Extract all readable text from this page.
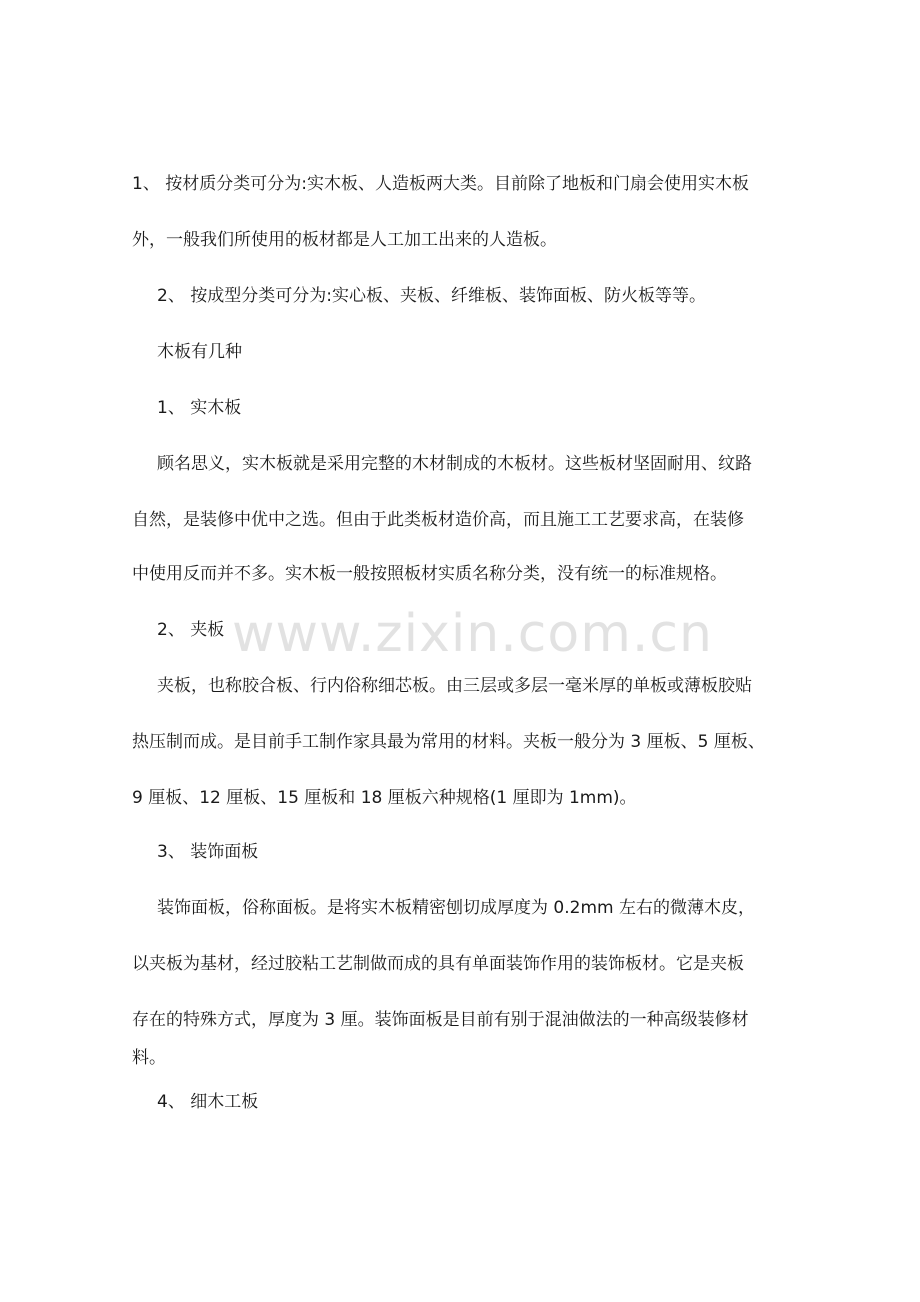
1、 按材质分类可分为:实木板、人造板两大类。目前除了地板和门扇会使用实木板
外，一般我们所使用的板材都是人工加工出来的人造板。
2、 按成型分类可分为:实心板、夹板、纤维板、装饰面板、防火板等等。
木板有几种
1、 实木板
顾名思义，实木板就是采用完整的木材制成的木板材。这些板材坚固耐用、纹路
自然，是装修中优中之选。但由于此类板材造价高，而且施工工艺要求高，在装修
中使用反而并不多。实木板一般按照板材实质名称分类，没有统一的标准规格。
2、 夹板
夹板，也称胶合板、行内俗称细芯板。由三层或多层一毫米厚的单板或薄板胶贴
热压制而成。是目前手工制作家具最为常用的材料。夹板一般分为 3 厘板、5 厘板、
9 厘板、12 厘板、15 厘板和 18 厘板六种规格(1 厘即为 1mm)。
3、 装饰面板
装饰面板，俗称面板。是将实木板精密刨切成厚度为 0.2mm 左右的微薄木皮，
以夹板为基材，经过胶粘工艺制做而成的具有单面装饰作用的装饰板材。它是夹板
存在的特殊方式，厚度为 3 厘。装饰面板是目前有别于混油做法的一种高级装修材
料。
4、 细木工板
www.zixin.com.cn
